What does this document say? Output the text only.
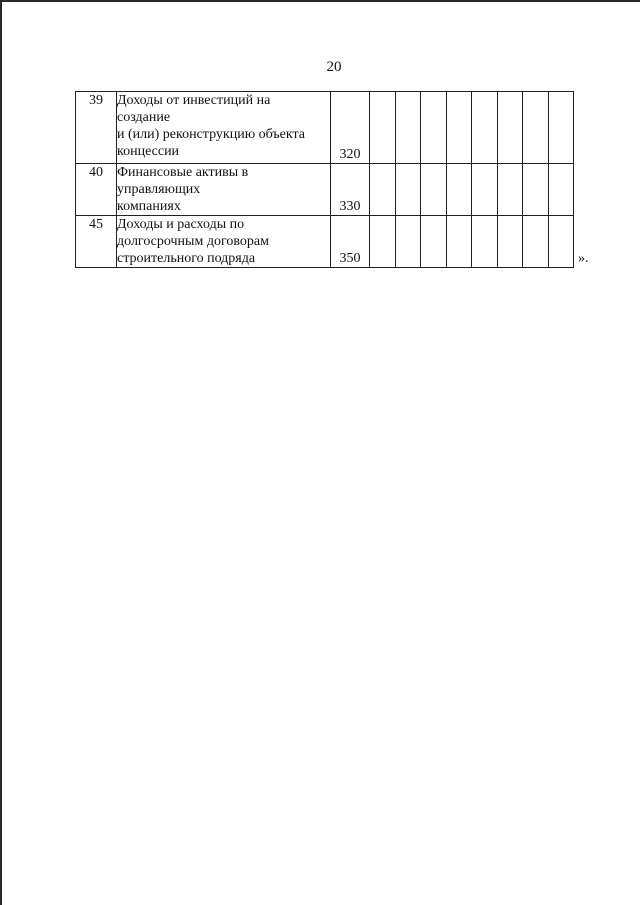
20
39	Доходы от инвестиций на
создание
и (или) реконструкцию объекта
концессии	320								
40	Финансовые активы в
управляющих
компаниях	330								
45	Доходы и расходы по
долгосрочным договорам
строительного подряда	350									».
